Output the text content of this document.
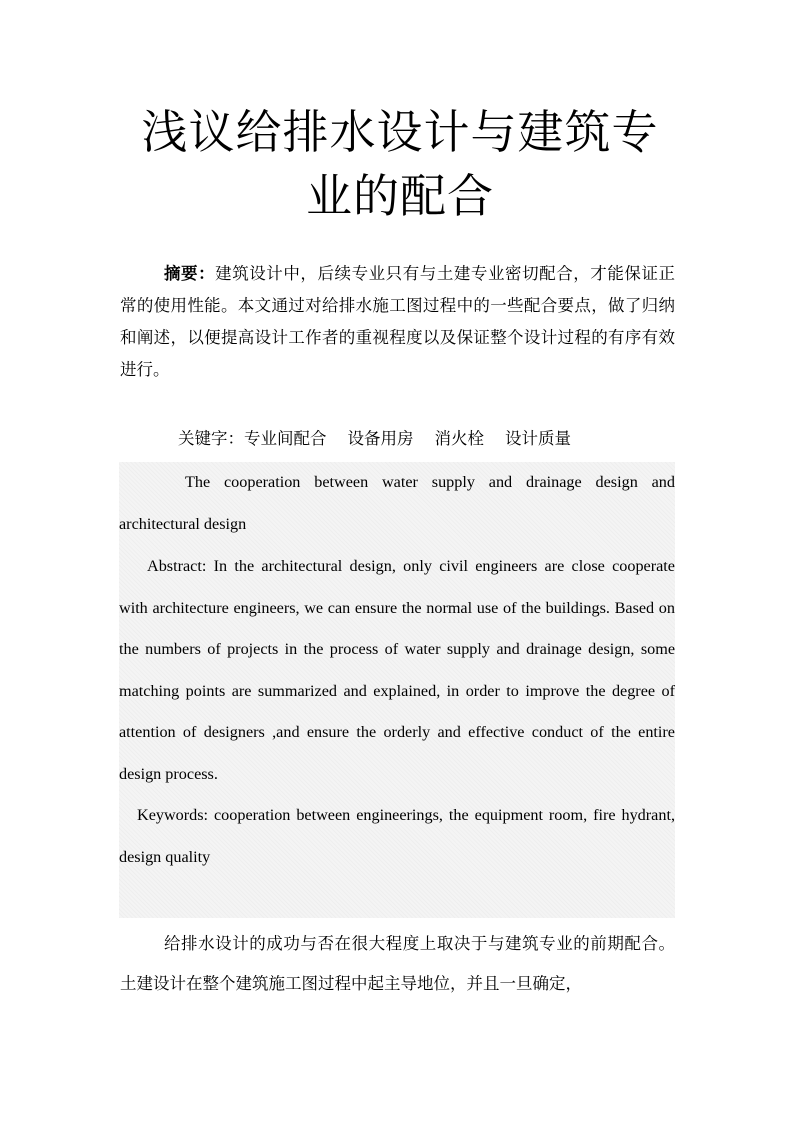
浅议给排水设计与建筑专
业的配合

摘要：建筑设计中，后续专业只有与土建专业密切配合，才能保证正常的使用性能。本文通过对给排水施工图过程中的一些配合要点，做了归纳和阐述，以便提高设计工作者的重视程度以及保证整个设计过程的有序有效进行。

关键字：专业间配合    设备用房    消火栓    设计质量

The cooperation between water supply and drainage design and architectural design

Abstract: In the architectural design, only civil engineers are close cooperate with architecture engineers, we can ensure the normal use of the buildings. Based on the numbers of projects in the process of water supply and drainage design, some matching points are summarized and explained, in order to improve the degree of attention of designers ,and ensure the orderly and effective conduct of the entire design process.

Keywords: cooperation between engineerings, the equipment room, fire hydrant, design quality

给排水设计的成功与否在很大程度上取决于与建筑专业的前期配合。土建设计在整个建筑施工图过程中起主导地位，并且一旦确定，
